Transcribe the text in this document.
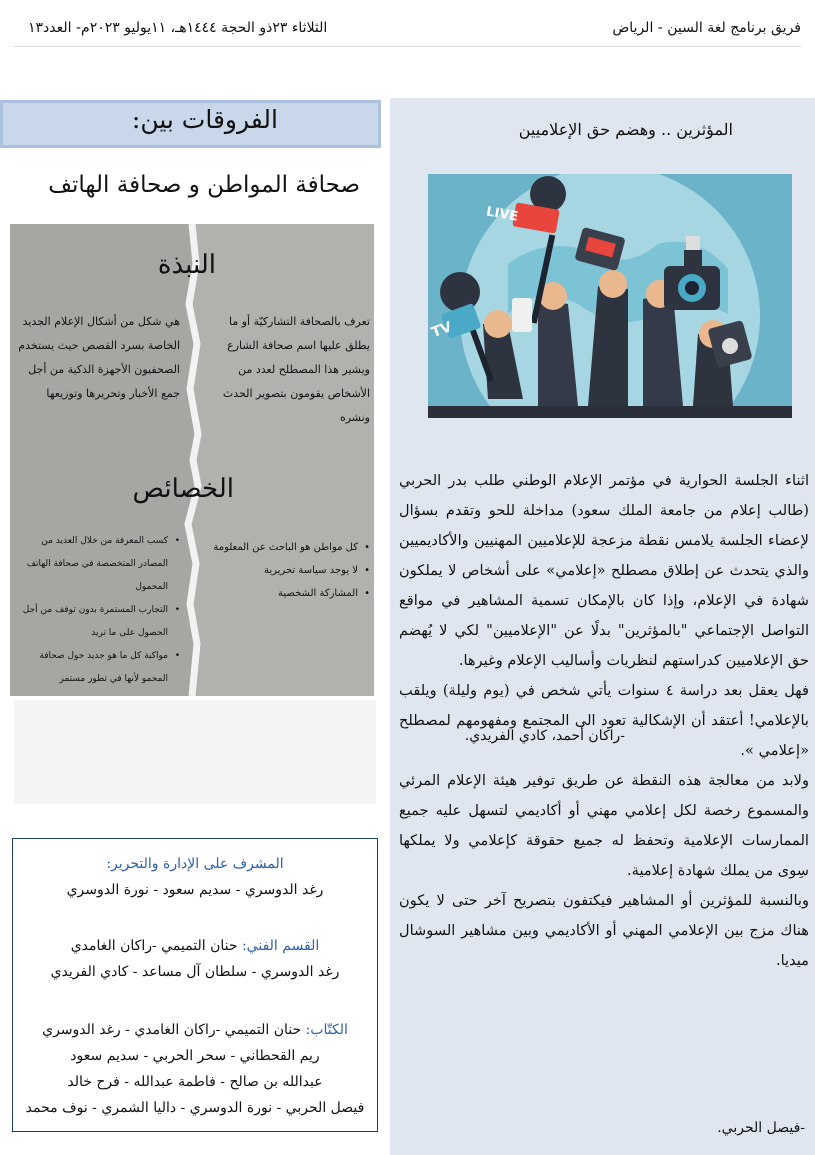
فريق برنامج لغة السين - الرياض
الثلاثاء ٢٣ذو الحجة ١٤٤٤هـ، ١١يوليو ٢٠٢٣م- العدد١٣
المؤثرين .. وهضم حق الإعلاميين
TV
LIVE

اثناء الجلسة الحوارية في مؤتمر الإعلام الوطني طلب بدر الحربي (طالب إعلام من جامعة الملك سعود) مداخلة للحو وتقدم بسؤال لإعضاء الجلسة يلامس نقطة مزعجة للإعلاميين المهنيين والأكاديميين والذي يتحدث عن إطلاق مصطلح «إعلامي» على أشخاص لا يملكون شهادة في الإعلام، وإذا كان بالإمكان تسمية المشاهير في مواقع التواصل الإجتماعي "بالمؤثرين" بدلًا عن "الإعلاميين" لكي لا يُهضم حق الإعلاميين كدراستهم لنظريات وأساليب الإعلام وغيرها.

فهل يعقل بعد دراسة ٤ سنوات يأتي شخص في (يوم وليلة) ويلقب بالإعلامي! أعتقد أن الإشكالية تعود الى المجتمع ومفهومهم لمصطلح «إعلامي ».

ولابد من معالجة هذه النقطة عن طريق توفير هيئة الإعلام المرئي والمسموع رخصة لكل إعلامي مهني أو أكاديمي لتسهل عليه جميع الممارسات الإعلامية وتحفظ له جميع حقوقة كإعلامي ولا يملكها سِوى من يملك شهادة إعلامية.

وبالنسبة للمؤثرين أو المشاهير فيكتفون بتصريح آخر حتى لا يكون هناك مزج بين الإعلامي المهني أو الأكاديمي وبين مشاهير السوشال ميديا.

-فيصل الحربي.
الفروقات بين:
صحافة المواطن و صحافة الهاتف
النبذة
تعرف بالصحافة التشاركيّة أو ما يطلق عليها اسم صحافة الشارع ويشير هذا المصطلح لعدد من الأشخاص يقومون بتصوير الحدث ونشره
هي شكل من أشكال الإعلام الجديد الخاصة بسرد القصص حيث يستخدم الصحفيون الأجهزة الذكية من أجل جمع الأخبار وتحريرها وتوزيعها
الخصائص
• كل مواطن هو الباحث عن المعلومة
• لا يوجد سياسة تحريرية
• المشاركة الشخصية
• كسب المعرفة من خلال العديد من المصادر المتخصصة في صحافة الهاتف المحمول
• التجارب المستمرة بدون توقف من أجل الحصول على ما تريد
• مواكبة كل ما هو جديد حول صحافة المحمو لأنها في تطور مستمر
-راكان أحمد، كادي الفريدي.
المشرف على الإدارة والتحرير:
رغد الدوسري - سديم سعود - نورة الدوسري
القسم الفني: حنان التميمي -راكان الغامدي
رغد الدوسري - سلطان آل مساعد - كادي الفريدي
الكتّاب: حنان التميمي -راكان الغامدي - رغد الدوسري
ريم القحطاني - سحر الحربي - سديم سعود
عبدالله بن صالح - فاطمة عبدالله - فرح خالد
فيصل الحربي - نورة الدوسري - داليا الشمري - نوف محمد
